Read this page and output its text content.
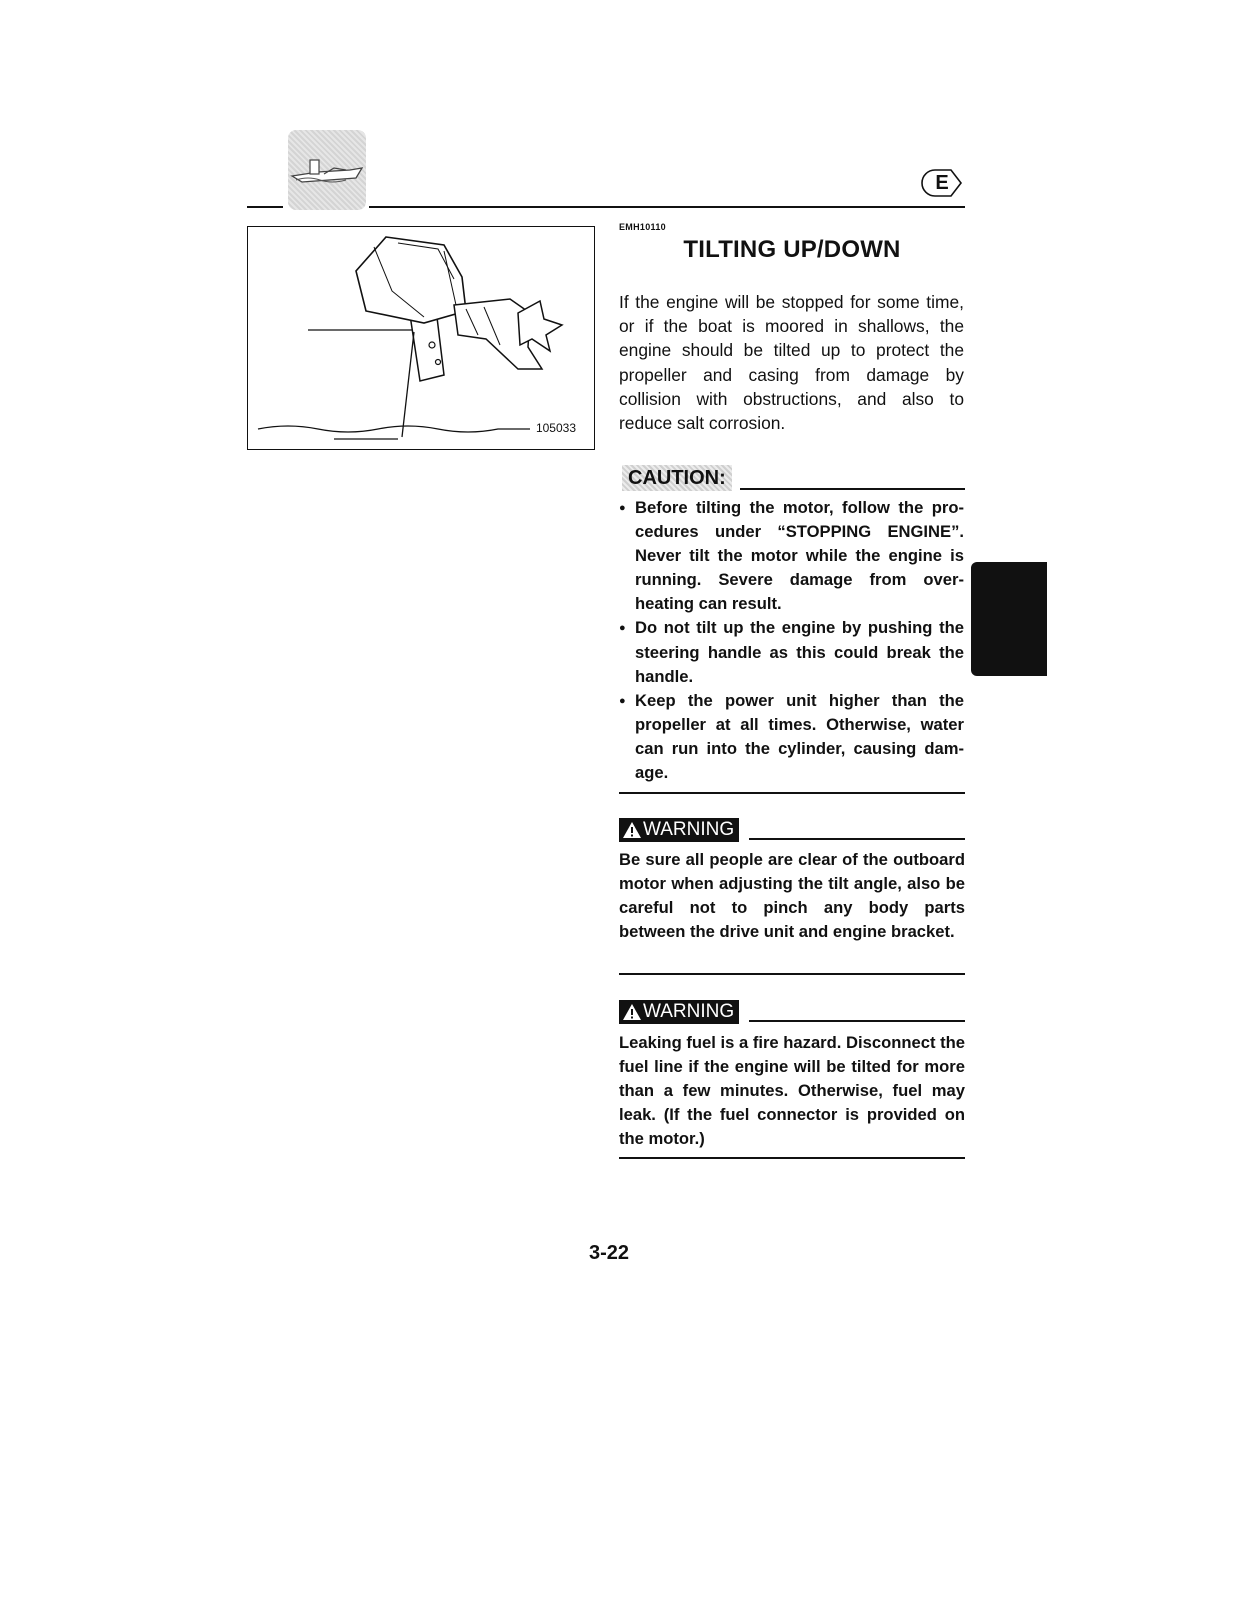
E
105033
EMH10110
TILTING UP/DOWN
If the engine will be stopped for some time, or if the boat is moored in shallows, the engine should be tilted up to protect the propeller and casing from damage by collision with obstructions, and also to reduce salt corrosion.
CAUTION:
● Before tilting the motor, follow the procedures under “STOPPING ENGINE”. Never tilt the motor while the engine is running. Severe damage from overheating can result.
● Do not tilt up the engine by pushing the steering handle as this could break the handle.
● Keep the power unit higher than the propeller at all times. Otherwise, water can run into the cylinder, causing damage.
WARNING
Be sure all people are clear of the outboard motor when adjusting the tilt angle, also be careful not to pinch any body parts between the drive unit and engine bracket.
WARNING
Leaking fuel is a fire hazard. Disconnect the fuel line if the engine will be tilted for more than a few minutes. Otherwise, fuel may leak. (If the fuel connector is provided on the motor.)
3-22
